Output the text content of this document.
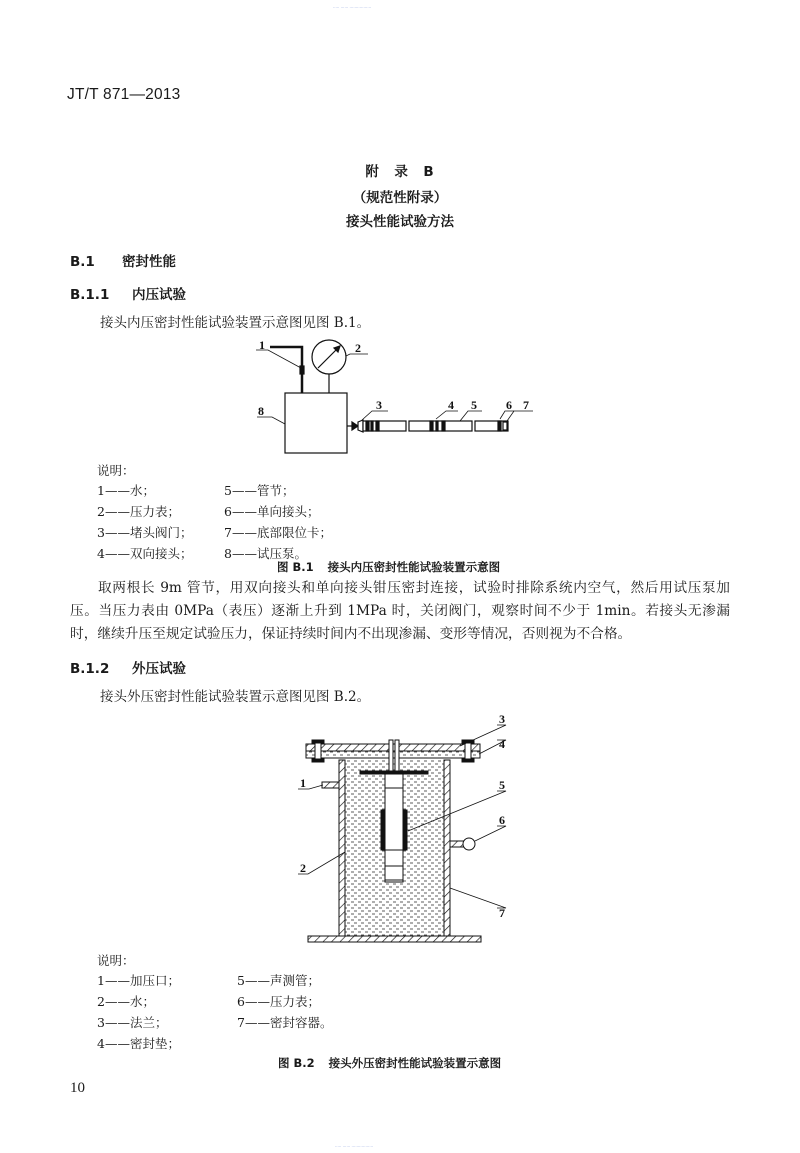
····· ······ ·················
····· ······ ·················
JT/T 871—2013
附　录　B
（规范性附录）
接头性能试验方法
B.1 密封性能
B.1.1 内压试验
接头内压密封性能试验装置示意图见图 B.1。
1	2
3	4 5 6 7
8
说明：
1——水；
2——压力表；
3——堵头阀门；
4——双向接头；
5——管节；
6——单向接头；
7——底部限位卡；
8——试压泵。
图 B.1 接头内压密封性能试验装置示意图
取两根长 9m 管节，用双向接头和单向接头钳压密封连接，试验时排除系统内空气，然后用试压泵加压。当压力表由 0MPa（表压）逐渐上升到 1MPa 时，关闭阀门，观察时间不少于 1min。若接头无渗漏时，继续升压至规定试验压力，保证持续时间内不出现渗漏、变形等情况，否则视为不合格。
B.1.2 外压试验
接头外压密封性能试验装置示意图见图 B.2。
3
4
1	5
6
2
7
说明：
1——加压口；
2——水；
3——法兰；
4——密封垫；
5——声测管；
6——压力表；
7——密封容器。
图 B.2 接头外压密封性能试验装置示意图
10
